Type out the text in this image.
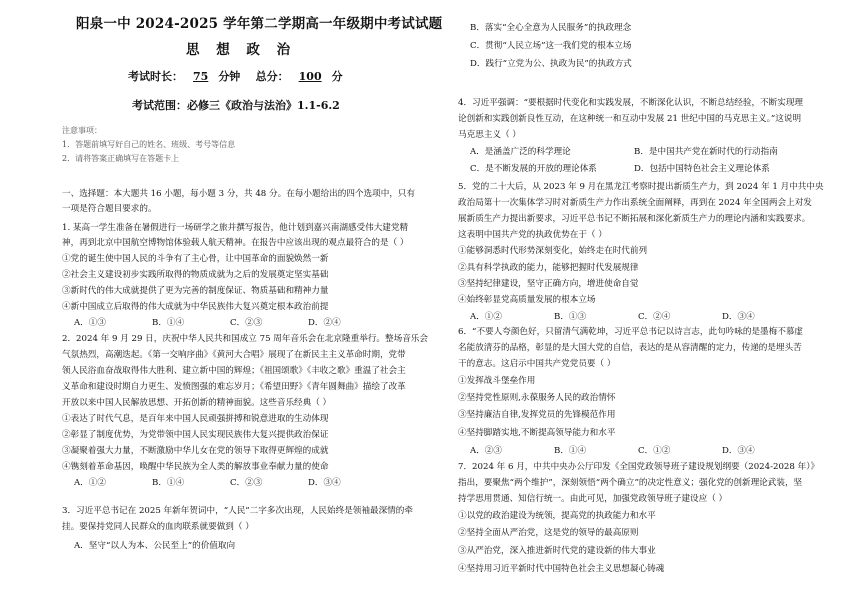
阳泉一中 2024-2025 学年第二学期高一年级期中考试试题
思 想 政 治
考试时长： 75 分钟 总分： 100 分
考试范围：必修三《政治与法治》1.1-6.2
注意事项：
1．答题前填写好自己的姓名、班级、考号等信息
2．请将答案正确填写在答题卡上
一、选择题：本大题共 16 小题，每小题 3 分，共 48 分。在每小题给出的四个选项中，只有
一项是符合题目要求的。
1. 某高一学生准备在暑假进行一场研学之旅并撰写报告，他计划到嘉兴南湖感受伟大建党精
神，再到北京中国航空博物馆体验载人航天精神。在报告中应该出现的观点最符合的是（ ）
①党的诞生使中国人民的斗争有了主心骨，让中国革命的面貌焕然一新
②社会主义建设初步实践所取得的物质成就为之后的发展奠定坚实基础
③新时代的伟大成就提供了更为完善的制度保证、物质基础和精神力量
④新中国成立后取得的伟大成就为中华民族伟大复兴奠定根本政治前提
A．①③	B．①④	C．②③	D．②④
2．2024 年 9 月 29 日，庆祝中华人民共和国成立 75 周年音乐会在北京隆重举行。整场音乐会
气氛热烈，高潮迭起。《第一交响序曲》《黄河大合唱》展现了在新民主主义革命时期，党带
领人民浴血奋战取得伟大胜利、建立新中国的辉煌；《祖国颂歌》《丰收之歌》重温了社会主
义革命和建设时期自力更生、发愤图强的难忘岁月；《希望田野》《青年圆舞曲》描绘了改革
开放以来中国人民解放思想、开拓创新的精神面貌。这些音乐经典（ ）
①表达了时代气息，是百年来中国人民顽强拼搏和锐意进取的生动体现
②彰显了制度优势，为党带领中国人民实现民族伟大复兴提供政治保证
③凝聚着强大力量，不断激励中华儿女在党的领导下取得更辉煌的成就
④镌刻着革命基因，唤醒中华民族为全人类的解放事业奉献力量的使命
A．①②	B．①④	C．②③	D．③④
3．习近平总书记在 2025 年新年贺词中，“人民”二字多次出现，人民始终是领袖最深情的牵
挂。要保持党同人民群众的血肉联系就要做到（ ）
A．坚守“以人为本、公民至上”的价值取向
B．落实“全心全意为人民服务”的执政理念
C．贯彻“人民立场”这一我们党的根本立场
D．践行“立党为公、执政为民”的执政方式
4．习近平强调：“要根据时代变化和实践发展，不断深化认识，不断总结经验，不断实现理
论创新和实践创新良性互动，在这种统一和互动中发展 21 世纪中国的马克思主义。”这说明
马克思主义（ ）
A．是涵盖广泛的科学理论	B．是中国共产党在新时代的行动指南
C．是不断发展的开放的理论体系	D．包括中国特色社会主义理论体系
5．党的二十大后，从 2023 年 9 月在黑龙江考察时提出新质生产力，到 2024 年 1 月中共中央
政治局第十一次集体学习时对新质生产力作出系统全面阐释，再到在 2024 年全国两会上对发
展新质生产力提出新要求，习近平总书记不断拓展和深化新质生产力的理论内涵和实践要求。
这表明中国共产党的执政优势在于（ ）
①能够洞悉时代形势深刻变化，始终走在时代前列
②具有科学执政的能力，能够把握时代发展规律
③坚持纪律建设，坚守正确方向，增进使命自觉
④始终彰显党高质量发展的根本立场
A．①②	B．①③	C．②④	D．③④
6．“不要人夸颜色好，只留清气满乾坤，习近平总书记以诗言志，此句吟咏的是墨梅不慕虚
名能放清芬的品格，彰显的是大国大党的自信，表达的是从容清醒的定力，传递的是埋头苦
干的意志。这启示中国共产党党员要（ ）
①发挥战斗堡垒作用
②坚持党性原则,永葆服务人民的政治情怀
③坚持廉洁自律,发挥党员的先锋模范作用
④坚持脚踏实地,不断提高领导能力和水平
A．②③	B．①④	C．①②	D．③④
7．2024 年 6 月，中共中央办公厅印发《全国党政领导班子建设规划纲要（2024-2028 年）》
指出，要聚焦“两个维护”，深刻领悟“两个确立”的决定性意义；强化党的创新理论武装，坚
持学思用贯通、知信行统一。由此可见，加强党政领导班子建设应（ ）
①以党的政治建设为统领，提高党的执政能力和水平
②坚持全面从严治党，这是党的领导的最高原则
③从严治党，深入推进新时代党的建设新的伟大事业
④坚持用习近平新时代中国特色社会主义思想凝心铸魂
